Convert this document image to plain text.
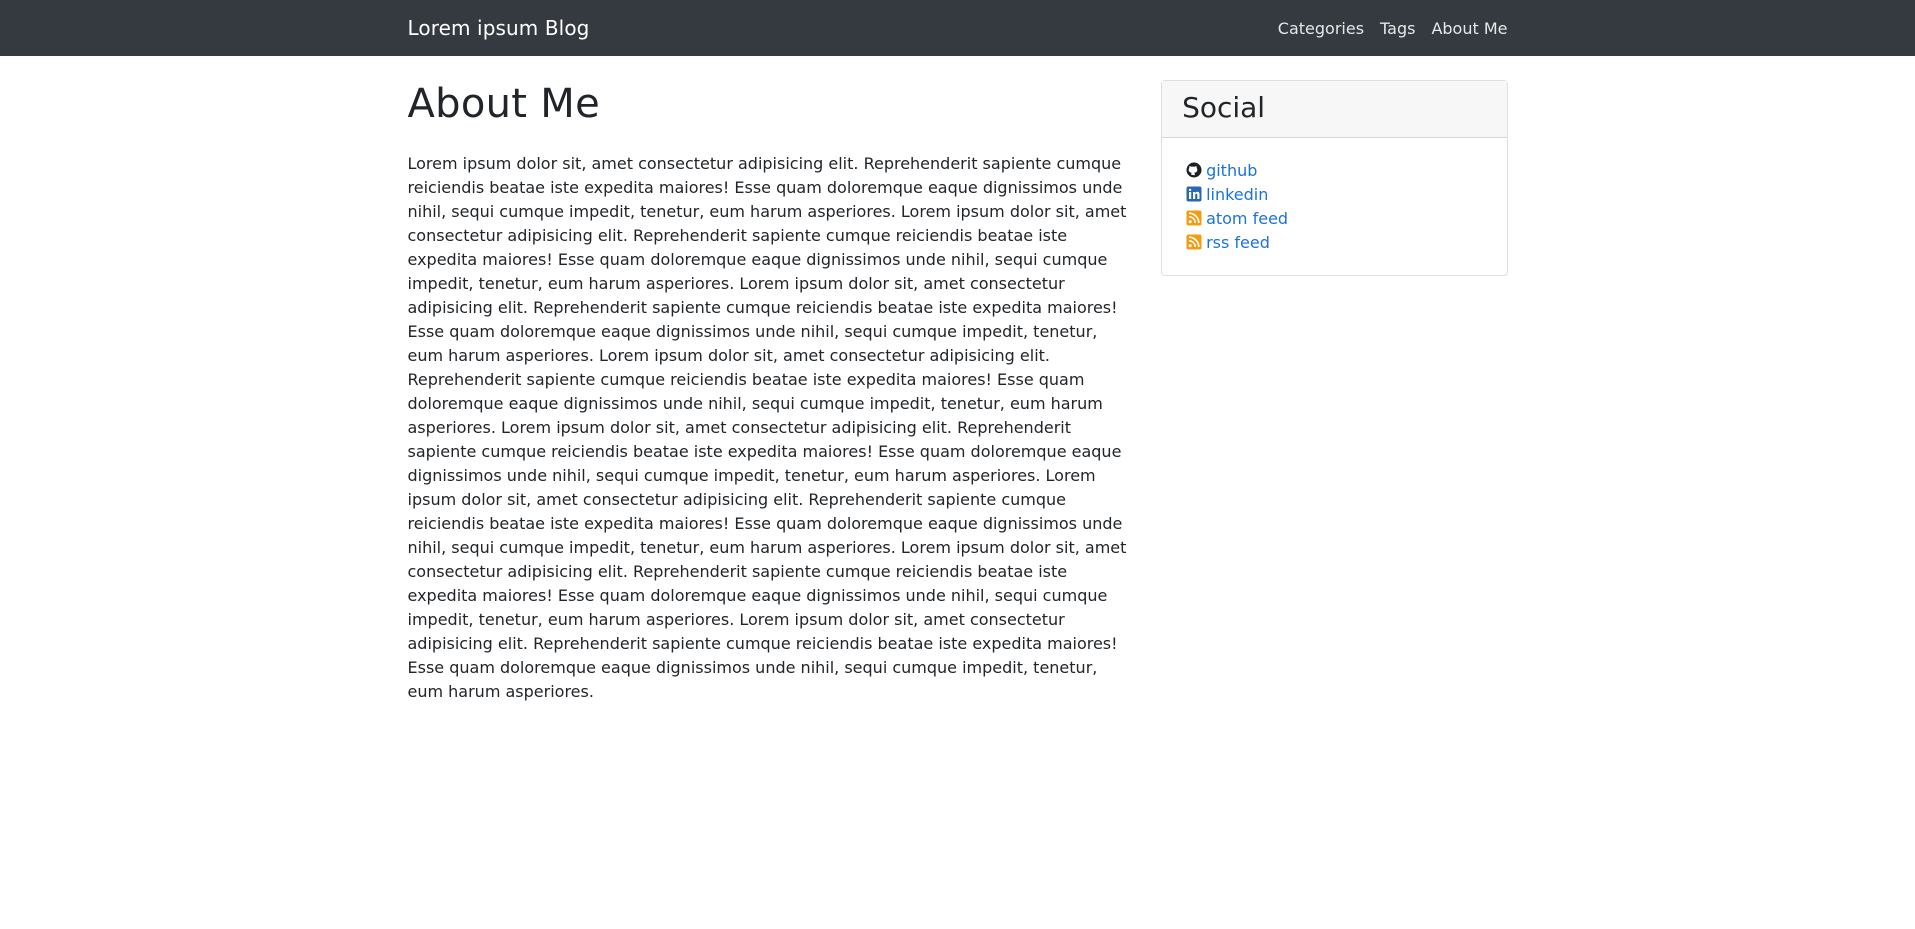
Lorem ipsum Blog	Categories Tags About Me
About Me

Lorem ipsum dolor sit, amet consectetur adipisicing elit. Reprehenderit sapiente cumque reiciendis beatae iste expedita maiores! Esse quam doloremque eaque dignissimos unde nihil, sequi cumque impedit, tenetur, eum harum asperiores. Lorem ipsum dolor sit, amet consectetur adipisicing elit. Reprehenderit sapiente cumque reiciendis beatae iste expedita maiores! Esse quam doloremque eaque dignissimos unde nihil, sequi cumque impedit, tenetur, eum harum asperiores. Lorem ipsum dolor sit, amet consectetur adipisicing elit. Reprehenderit sapiente cumque reiciendis beatae iste expedita maiores! Esse quam doloremque eaque dignissimos unde nihil, sequi cumque impedit, tenetur, eum harum asperiores. Lorem ipsum dolor sit, amet consectetur adipisicing elit. Reprehenderit sapiente cumque reiciendis beatae iste expedita maiores! Esse quam doloremque eaque dignissimos unde nihil, sequi cumque impedit, tenetur, eum harum asperiores. Lorem ipsum dolor sit, amet consectetur adipisicing elit. Reprehenderit sapiente cumque reiciendis beatae iste expedita maiores! Esse quam doloremque eaque dignissimos unde nihil, sequi cumque impedit, tenetur, eum harum asperiores. Lorem ipsum dolor sit, amet consectetur adipisicing elit. Reprehenderit sapiente cumque reiciendis beatae iste expedita maiores! Esse quam doloremque eaque dignissimos unde nihil, sequi cumque impedit, tenetur, eum harum asperiores. Lorem ipsum dolor sit, amet consectetur adipisicing elit. Reprehenderit sapiente cumque reiciendis beatae iste expedita maiores! Esse quam doloremque eaque dignissimos unde nihil, sequi cumque impedit, tenetur, eum harum asperiores. Lorem ipsum dolor sit, amet consectetur adipisicing elit. Reprehenderit sapiente cumque reiciendis beatae iste expedita maiores! Esse quam doloremque eaque dignissimos unde nihil, sequi cumque impedit, tenetur, eum harum asperiores.

Social
github
linkedin
atom feed
rss feed
